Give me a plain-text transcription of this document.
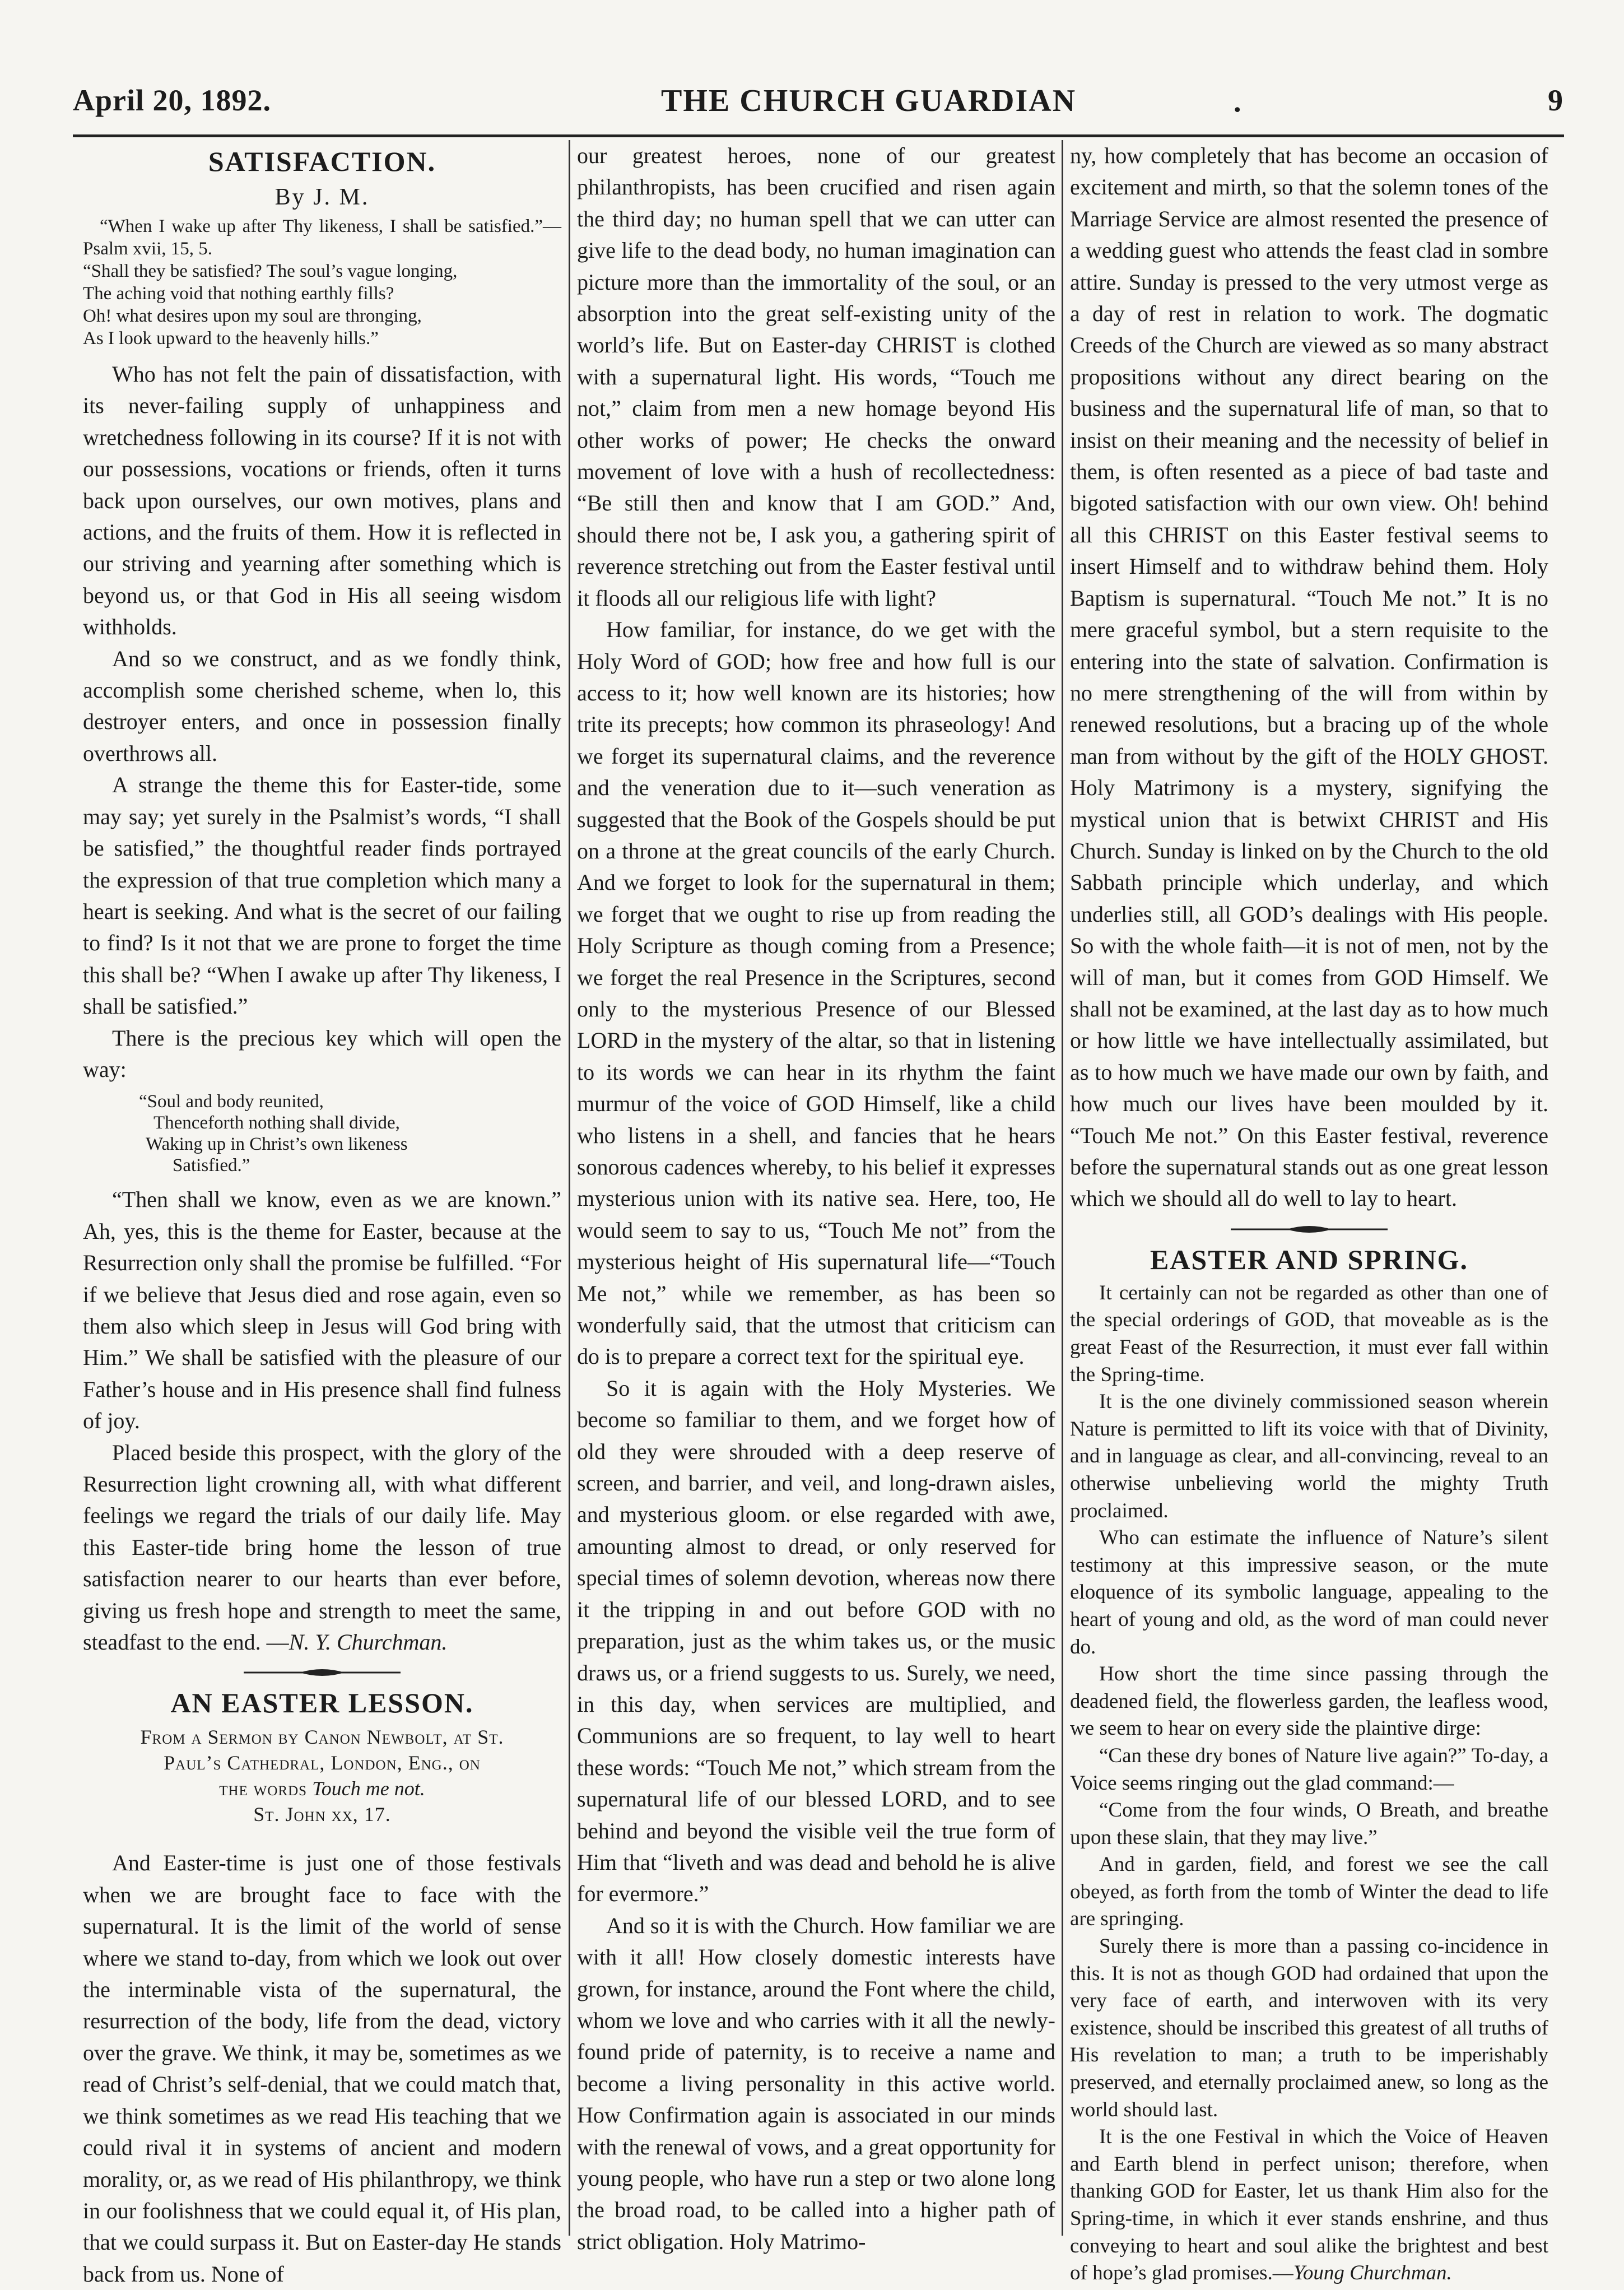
April 20, 1892.	THE CHURCH GUARDIAN	.	9
SATISFACTION.
By J. M.
“When I wake up after Thy likeness, I shall be satisfied.”—Psalm xvii, 15, 5.
“Shall they be satisfied? The soul’s vague longing,
The aching void that nothing earthly fills?
Oh! what desires upon my soul are thronging,
As I look upward to the heavenly hills.”

Who has not felt the pain of dissatisfaction, with its never-failing supply of unhappiness and wretchedness following in its course? If it is not with our possessions, vocations or friends, often it turns back upon ourselves, our own motives, plans and actions, and the fruits of them. How it is reflected in our striving and yearning after something which is beyond us, or that God in His all seeing wisdom withholds.

And so we construct, and as we fondly think, accomplish some cherished scheme, when lo, this destroyer enters, and once in possession finally overthrows all.

A strange the theme this for Easter-tide, some may say; yet surely in the Psalmist’s words, “I shall be satisfied,” the thoughtful reader finds portrayed the expression of that true completion which many a heart is seeking. And what is the secret of our failing to find? Is it not that we are prone to forget the time this shall be? “When I awake up after Thy likeness, I shall be satisfied.”

There is the precious key which will open the way:

“Soul and body reunited,
Thenceforth nothing shall divide,
Waking up in Christ’s own likeness
Satisfied.”

“Then shall we know, even as we are known.” Ah, yes, this is the theme for Easter, because at the Resurrection only shall the promise be fulfilled. “For if we believe that Jesus died and rose again, even so them also which sleep in Jesus will God bring with Him.” We shall be satisfied with the pleasure of our Father’s house and in His presence shall find fulness of joy.

Placed beside this prospect, with the glory of the Resurrection light crowning all, with what different feelings we regard the trials of our daily life. May this Easter-tide bring home the lesson of true satisfaction nearer to our hearts than ever before, giving us fresh hope and strength to meet the same, steadfast to the end. —N. Y. Churchman.

AN EASTER LESSON.
From a Sermon by Canon Newbolt, at St.
Paul’s Cathedral, London, Eng., on
the words Touch me not.
St. John xx, 17.

And Easter-time is just one of those festivals when we are brought face to face with the supernatural. It is the limit of the world of sense where we stand to-day, from which we look out over the interminable vista of the supernatural, the resurrection of the body, life from the dead, victory over the grave. We think, it may be, sometimes as we read of Christ’s self-denial, that we could match that, we think sometimes as we read His teaching that we could rival it in systems of ancient and modern morality, or, as we read of His philanthropy, we think in our foolishness that we could equal it, of His plan, that we could surpass it. But on Easter-day He stands back from us. None of

our greatest heroes, none of our greatest philanthropists, has been crucified and risen again the third day; no human spell that we can utter can give life to the dead body, no human imagination can picture more than the immortality of the soul, or an absorption into the great self-existing unity of the world’s life. But on Easter-day CHRIST is clothed with a supernatural light. His words, “Touch me not,” claim from men a new homage beyond His other works of power; He checks the onward movement of love with a hush of recollectedness: “Be still then and know that I am GOD.” And, should there not be, I ask you, a gathering spirit of reverence stretching out from the Easter festival until it floods all our religious life with light?

How familiar, for instance, do we get with the Holy Word of GOD; how free and how full is our access to it; how well known are its histories; how trite its precepts; how common its phraseology! And we forget its supernatural claims, and the reverence and the veneration due to it—such veneration as suggested that the Book of the Gospels should be put on a throne at the great councils of the early Church. And we forget to look for the supernatural in them; we forget that we ought to rise up from reading the Holy Scripture as though coming from a Presence; we forget the real Presence in the Scriptures, second only to the mysterious Presence of our Blessed LORD in the mystery of the altar, so that in listening to its words we can hear in its rhythm the faint murmur of the voice of GOD Himself, like a child who listens in a shell, and fancies that he hears sonorous cadences whereby, to his belief it expresses mysterious union with its native sea. Here, too, He would seem to say to us, “Touch Me not” from the mysterious height of His supernatural life—“Touch Me not,” while we remember, as has been so wonderfully said, that the utmost that criticism can do is to prepare a correct text for the spiritual eye.

So it is again with the Holy Mysteries. We become so familiar to them, and we forget how of old they were shrouded with a deep reserve of screen, and barrier, and veil, and long-drawn aisles, and mysterious gloom. or else regarded with awe, amounting almost to dread, or only reserved for special times of solemn devotion, whereas now there it the tripping in and out before GOD with no preparation, just as the whim takes us, or the music draws us, or a friend suggests to us. Surely, we need, in this day, when services are multiplied, and Communions are so frequent, to lay well to heart these words: “Touch Me not,” which stream from the supernatural life of our blessed LORD, and to see behind and beyond the visible veil the true form of Him that “liveth and was dead and behold he is alive for evermore.”

And so it is with the Church. How familiar we are with it all! How closely domestic interests have grown, for instance, around the Font where the child, whom we love and who carries with it all the newly-found pride of paternity, is to receive a name and become a living personality in this active world. How Confirmation again is associated in our minds with the renewal of vows, and a great opportunity for young people, who have run a step or two alone long the broad road, to be called into a higher path of strict obligation. Holy Matrimo-

ny, how completely that has become an occasion of excitement and mirth, so that the solemn tones of the Marriage Service are almost resented the presence of a wedding guest who attends the feast clad in sombre attire. Sunday is pressed to the very utmost verge as a day of rest in relation to work. The dogmatic Creeds of the Church are viewed as so many abstract propositions without any direct bearing on the business and the supernatural life of man, so that to insist on their meaning and the necessity of belief in them, is often resented as a piece of bad taste and bigoted satisfaction with our own view. Oh! behind all this CHRIST on this Easter festival seems to insert Himself and to withdraw behind them. Holy Baptism is supernatural. “Touch Me not.” It is no mere graceful symbol, but a stern requisite to the entering into the state of salvation. Confirmation is no mere strengthening of the will from within by renewed resolutions, but a bracing up of the whole man from without by the gift of the HOLY GHOST. Holy Matrimony is a mystery, signifying the mystical union that is betwixt CHRIST and His Church. Sunday is linked on by the Church to the old Sabbath principle which underlay, and which underlies still, all GOD’s dealings with His people. So with the whole faith—it is not of men, not by the will of man, but it comes from GOD Himself. We shall not be examined, at the last day as to how much or how little we have intellectually assimilated, but as to how much we have made our own by faith, and how much our lives have been moulded by it. “Touch Me not.” On this Easter festival, reverence before the supernatural stands out as one great lesson which we should all do well to lay to heart.

EASTER AND SPRING.

It certainly can not be regarded as other than one of the special orderings of GOD, that moveable as is the great Feast of the Resurrection, it must ever fall within the Spring-time.

It is the one divinely commissioned season wherein Nature is permitted to lift its voice with that of Divinity, and in language as clear, and all-convincing, reveal to an otherwise unbelieving world the mighty Truth proclaimed.

Who can estimate the influence of Nature’s silent testimony at this impressive season, or the mute eloquence of its symbolic language, appealing to the heart of young and old, as the word of man could never do.

How short the time since passing through the deadened field, the flowerless garden, the leafless wood, we seem to hear on every side the plaintive dirge:

“Can these dry bones of Nature live again?” To-day, a Voice seems ringing out the glad command:—

“Come from the four winds, O Breath, and breathe upon these slain, that they may live.”

And in garden, field, and forest we see the call obeyed, as forth from the tomb of Winter the dead to life are springing.

Surely there is more than a passing co-incidence in this. It is not as though GOD had ordained that upon the very face of earth, and interwoven with its very existence, should be inscribed this greatest of all truths of His revelation to man; a truth to be imperishably preserved, and eternally proclaimed anew, so long as the world should last.

It is the one Festival in which the Voice of Heaven and Earth blend in perfect unison; therefore, when thanking GOD for Easter, let us thank Him also for the Spring-time, in which it ever stands enshrine, and thus conveying to heart and soul alike the brightest and best of hope’s glad promises.—Young Churchman.
